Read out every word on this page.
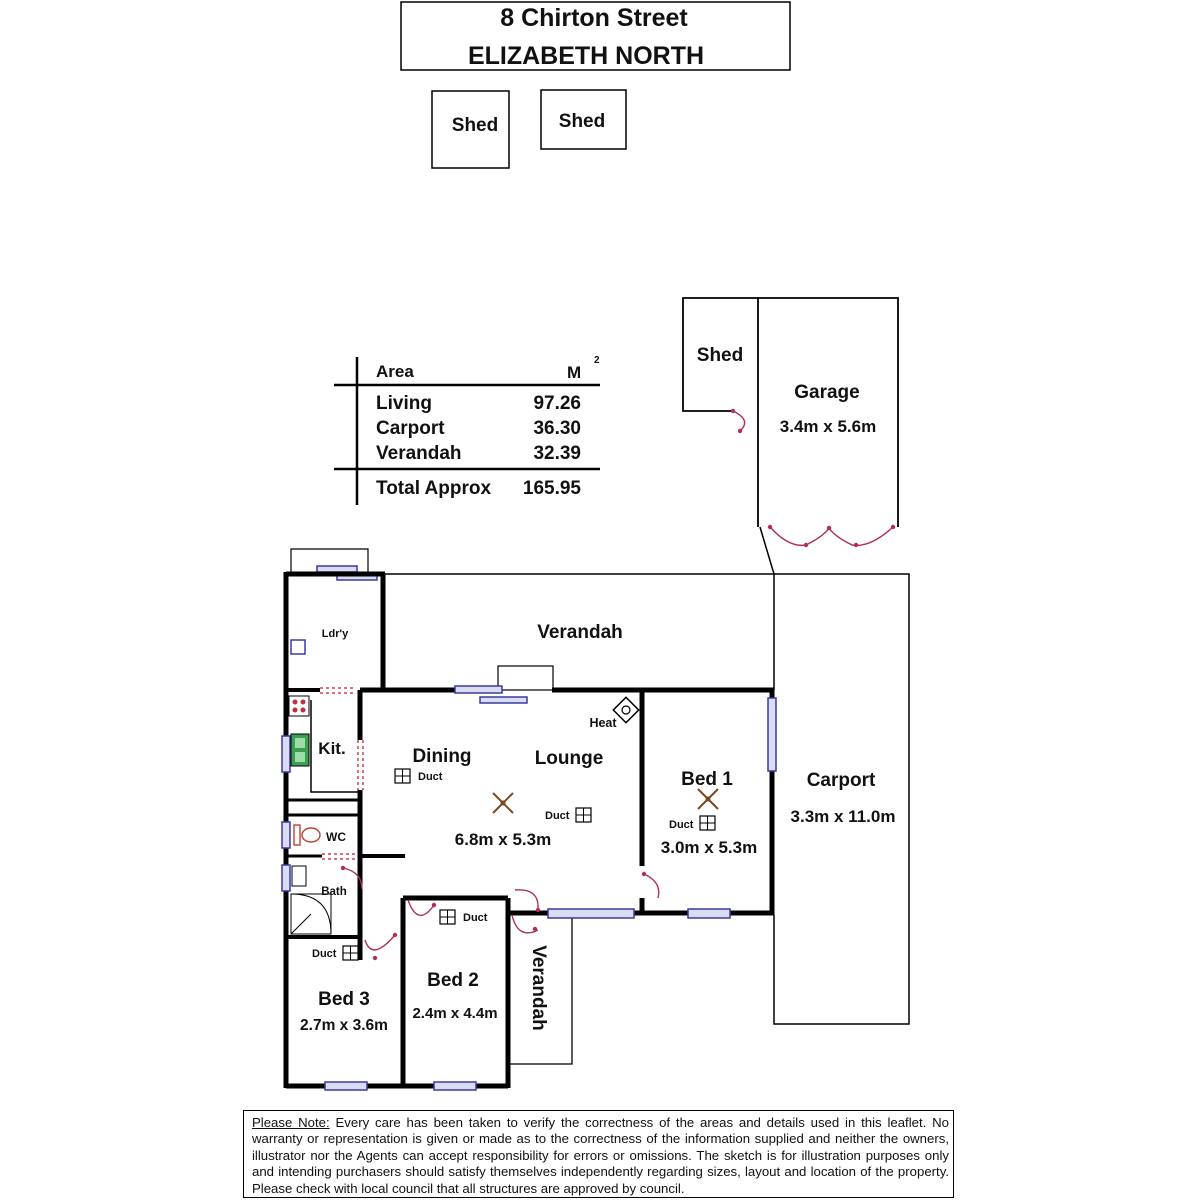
8 Chirton Street
ELIZABETH NORTH
Shed	Shed
Area	M
2
Living	97.26
Carport	36.30
Verandah	32.39
Total Approx 165.95
Shed
Garage
3.4m x 5.6m
Carport
3.3m x 11.0m
Verandah
Verandah
Ldr'y
Kit.	Dining	Lounge
Heat
6.8m x 5.3m
Bed 1
3.0m x 5.3m
WC
Bath
Bed 2
2.4m x 4.4m
Bed 3
2.7m x 3.6m
Duct
Duct
Duct
Duct
Duct
Please Note: Every care has been taken to verify the correctness of the areas and details used in this leaflet. No warranty or representation is given or made as to the correctness of the information supplied and neither the owners, illustrator nor the Agents can accept responsibility for errors or omissions. The sketch is for illustration purposes only and intending purchasers should satisfy themselves independently regarding sizes, layout and location of the property. Please check with local council that all structures are approved by council.
